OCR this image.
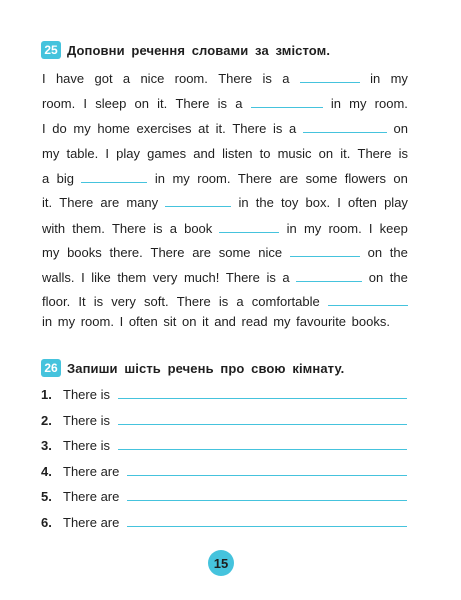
25 Доповни речення словами за змістом.
I have got a nice room. There is a	in my
room. I sleep on it. There is a	in my room.
I do my home exercises at it. There is a	on
my table. I play games and listen to music on it. There is
a big	in my room. There are some flowers on
it. There are many	in the toy box. I often play
with them. There is a book	in my room. I keep
my books there. There are some nice	on the
walls. I like them very much! There is a	on the
floor. It is very soft. There is a comfortable
in
my
room.
I
often
sit
on
it
and
read
my
favourite
books.
26 Запиши шість речень про свою кімнату.
1. There is
2. There is
3. There is
4. There are
5. There are
6. There are
15
